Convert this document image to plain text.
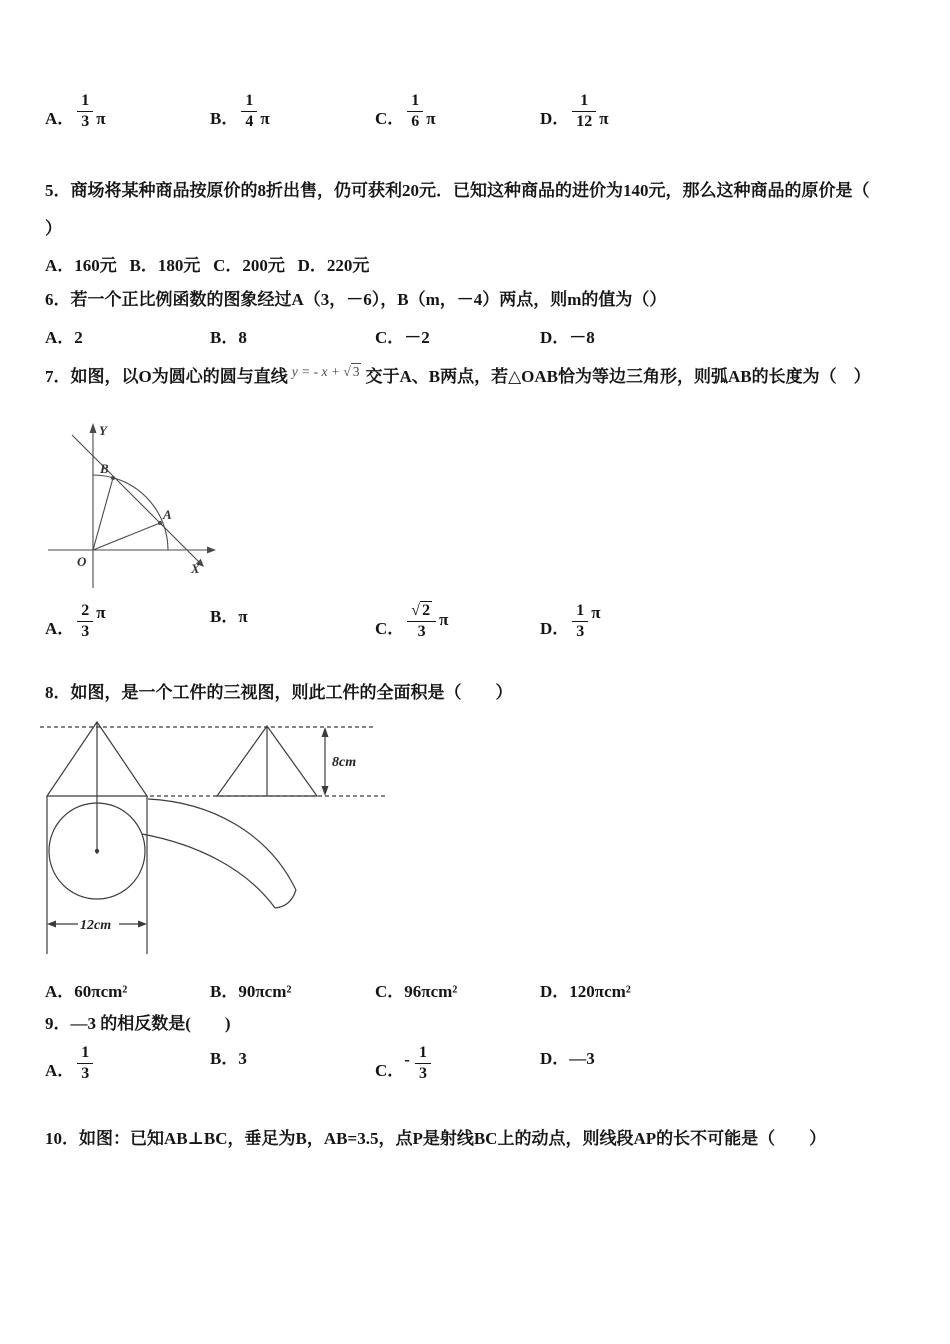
A． $\frac{1}{3}$ π	B． $\frac{1}{4}$ π	C． $\frac{1}{6}$ π	D． $\frac{1}{12}$ π

5．商场将某种商品按原价的8折出售，仍可获利20元．已知这种商品的进价为140元，那么这种商品的原价是（

）

A．160元   B．180元   C．200元   D．220元

6．若一个正比例函数的图象经过A（3，－6），B（m，－4）两点，则m的值为（）

A．2	B．8	C．－2	D．－8

7．如图，以O为圆心的圆与直线 $^{y = - x + √ 3}$ 交于A、B两点，若△OAB恰为等边三角形，则弧AB的长度为（　）

Y
X
O
A
B
A． $\frac{2}{3}$ π	B．π
C． $\frac{√ 2}{3}$ π	D． $\frac{1}{3}$ π

8．如图，是一个工件的三视图，则此工件的全面积是（　　）

8cm
12cm
A．60πcm²	B．90πcm²	C．96πcm²	D．120πcm²

9．—3 的相反数是(　　)

A． $\frac{1}{3}$	B．3
C．
- $\frac{1}{3}$	D．—3

10．如图：已知AB⊥BC，垂足为B，AB=3.5，点P是射线BC上的动点，则线段AP的长不可能是（　　）
